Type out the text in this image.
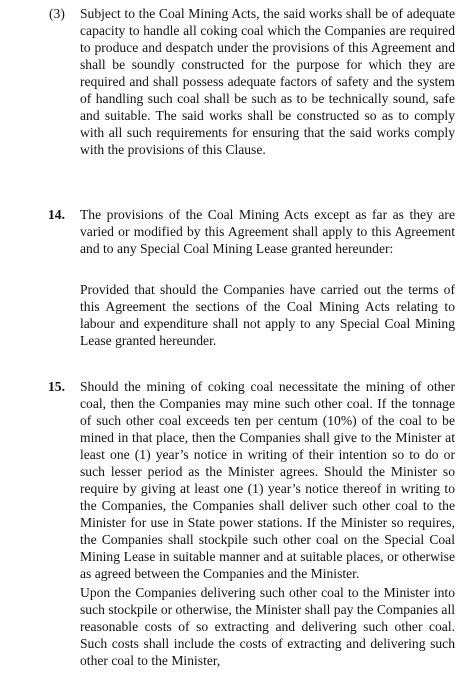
(3) Subject to the Coal Mining Acts, the said works shall be of adequate capacity to handle all coking coal which the Companies are required to produce and despatch under the provisions of this Agreement and shall be soundly constructed for the purpose for which they are required and shall possess adequate factors of safety and the system of handling such coal shall be such as to be technically sound, safe and suitable. The said works shall be constructed so as to comply with all such requirements for ensuring that the said works comply with the provisions of this Clause.
14. The provisions of the Coal Mining Acts except as far as they are varied or modified by this Agreement shall apply to this Agreement and to any Special Coal Mining Lease granted hereunder:
Provided that should the Companies have carried out the terms of this Agreement the sections of the Coal Mining Acts relating to labour and expenditure shall not apply to any Special Coal Mining Lease granted hereunder.
15. Should the mining of coking coal necessitate the mining of other coal, then the Companies may mine such other coal. If the tonnage of such other coal exceeds ten per centum (10%) of the coal to be mined in that place, then the Companies shall give to the Minister at least one (1) year’s notice in writing of their intention so to do or such lesser period as the Minister agrees. Should the Minister so require by giving at least one (1) year’s notice thereof in writing to the Companies, the Companies shall deliver such other coal to the Minister for use in State power stations. If the Minister so requires, the Companies shall stockpile such other coal on the Special Coal Mining Lease in suitable manner and at suitable places, or otherwise as agreed between the Companies and the Minister.
Upon the Companies delivering such other coal to the Minister into such stockpile or otherwise, the Minister shall pay the Companies all reasonable costs of so extracting and delivering such other coal. Such costs shall include the costs of extracting and delivering such other coal to the Minister,
